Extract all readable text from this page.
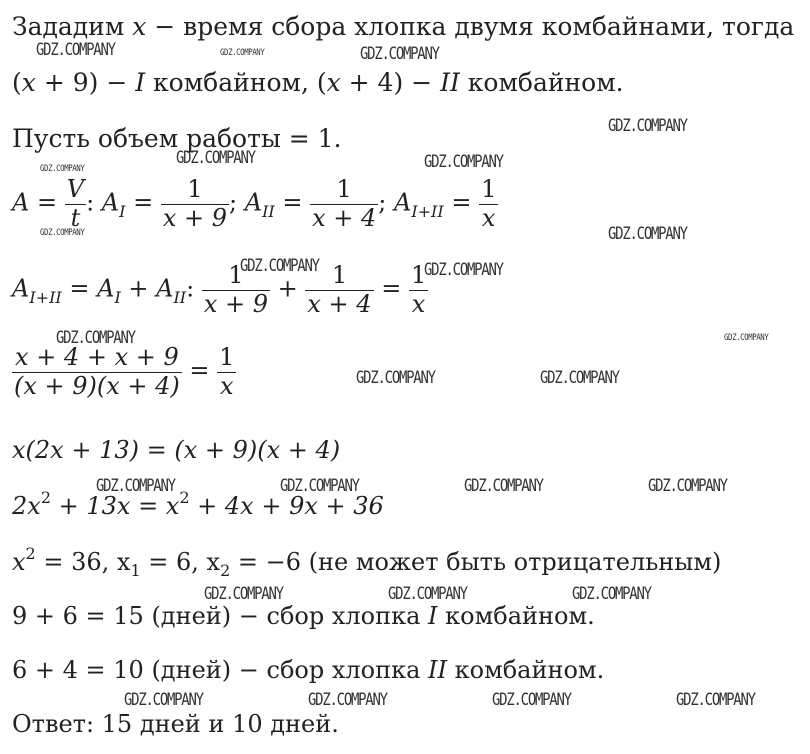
Зададим x − время сбора хлопка двумя комбайнами, тогда
(x + 9) − I комбайном, (x + 4) − II комбайном.
Пусть объем работы = 1.
$A = \frac{V}{t}$ : $A_I = \frac{1}{x + 9}$ ; $A_{II} = \frac{1}{x + 4}$ ; $A_{I+II} = \frac{1}{x}$
$A_{I+II} = A_I + A_{II}$: $\frac{1}{x + 9} + \frac{1}{x + 4} = \frac{1}{x}$
$\frac{x + 4 + x + 9}{(x + 9)(x + 4)} = \frac{1}{x}$
x(2x + 13) = (x + 9)(x + 4)
$2x^2 + 13x = x^2 + 4x + 9x + 36$
$x^2 = 36$, $x_1 = 6$, $x_2 = -6$ (не может быть отрицательным)
9 + 6 = 15 (дней) − сбор хлопка I комбайном.
6 + 4 = 10 (дней) − сбор хлопка II комбайном.
Ответ: 15 дней и 10 дней.
GDZ.COMPANY	GDZ.COMPANY	GDZ.COMPANY
GDZ.COMPANY
GDZ.COMPANY	GDZ.COMPANY
GDZ.COMPANY
GDZ.COMPANY	GDZ.COMPANY
GDZ.COMPANY	GDZ.COMPANY
GDZ.COMPANY	GDZ.COMPANY
GDZ.COMPANY	GDZ.COMPANY
GDZ.COMPANY	GDZ.COMPANY	GDZ.COMPANY	GDZ.COMPANY
GDZ.COMPANY	GDZ.COMPANY	GDZ.COMPANY
GDZ.COMPANY	GDZ.COMPANY	GDZ.COMPANY	GDZ.COMPANY
